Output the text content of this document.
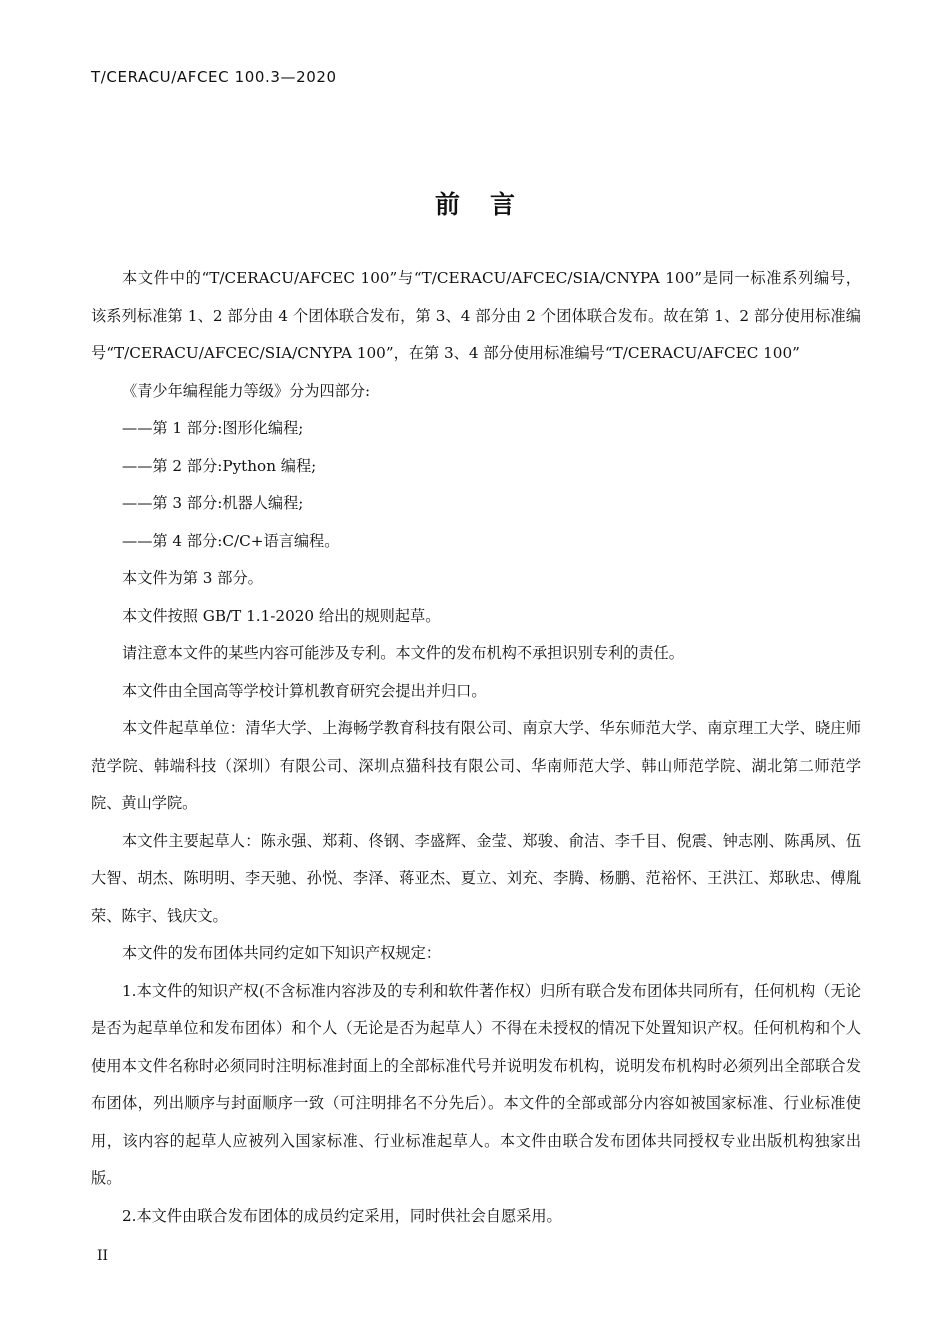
T/CERACU/AFCEC 100.3—2020
前言

本文件中的“T/CERACU/AFCEC 100”与“T/CERACU/AFCEC/SIA/CNYPA 100”是同一标准系列编号，该系列标准第 1、2 部分由 4 个团体联合发布，第 3、4 部分由 2 个团体联合发布。故在第 1、2 部分使用标准编号“T/CERACU/AFCEC/SIA/CNYPA 100”，在第 3、4 部分使用标准编号“T/CERACU/AFCEC 100”

《青少年编程能力等级》分为四部分:

——第 1 部分:图形化编程;

——第 2 部分:Python 编程;

——第 3 部分:机器人编程;

——第 4 部分:C/C+语言编程。

本文件为第 3 部分。

本文件按照 GB/T 1.1-2020 给出的规则起草。

请注意本文件的某些内容可能涉及专利。本文件的发布机构不承担识别专利的责任。

本文件由全国高等学校计算机教育研究会提出并归口。

本文件起草单位：清华大学、上海畅学教育科技有限公司、南京大学、华东师范大学、南京理工大学、晓庄师范学院、韩端科技（深圳）有限公司、深圳点猫科技有限公司、华南师范大学、韩山师范学院、湖北第二师范学院、黄山学院。

本文件主要起草人：陈永强、郑莉、佟钢、李盛辉、金莹、郑骏、俞洁、李千目、倪震、钟志刚、陈禹夙、伍大智、胡杰、陈明明、李天驰、孙悦、李泽、蒋亚杰、夏立、刘充、李腾、杨鹏、范裕怀、王洪江、郑耿忠、傅胤荣、陈宇、钱庆文。

本文件的发布团体共同约定如下知识产权规定：

1.本文件的知识产权(不含标准内容涉及的专利和软件著作权）归所有联合发布团体共同所有，任何机构（无论是否为起草单位和发布团体）和个人（无论是否为起草人）不得在未授权的情况下处置知识产权。任何机构和个人使用本文件名称时必须同时注明标准封面上的全部标准代号并说明发布机构，说明发布机构时必须列出全部联合发布团体，列出顺序与封面顺序一致（可注明排名不分先后）。本文件的全部或部分内容如被国家标准、行业标准使用，该内容的起草人应被列入国家标准、行业标准起草人。本文件由联合发布团体共同授权专业出版机构独家出版。

2.本文件由联合发布团体的成员约定采用，同时供社会自愿采用。

II
